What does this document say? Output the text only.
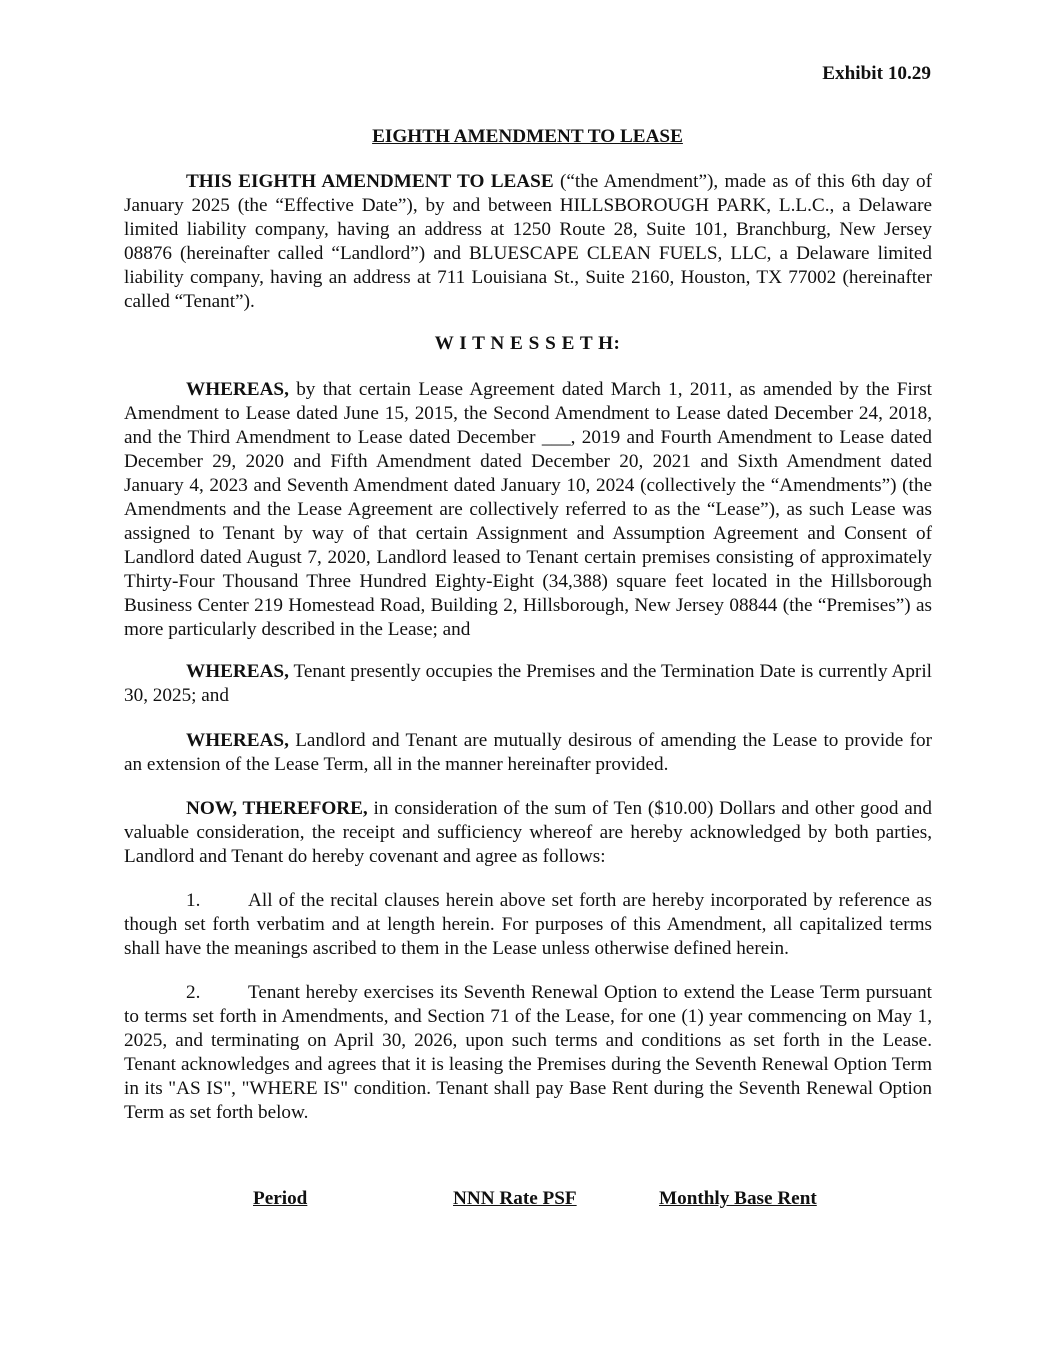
Exhibit 10.29
EIGHTH AMENDMENT TO LEASE

THIS EIGHTH AMENDMENT TO LEASE (“the Amendment”), made as of this 6th day of January 2025 (the “Effective Date”), by and between HILLSBOROUGH PARK, L.L.C., a Delaware limited liability company, having an address at 1250 Route 28, Suite 101, Branchburg, New Jersey 08876 (hereinafter called “Landlord”) and BLUESCAPE CLEAN FUELS, LLC, a Delaware limited liability company, having an address at 711 Louisiana St., Suite 2160, Houston, TX 77002 (hereinafter called “Tenant”).

W I T N E S S E T H:

WHEREAS, by that certain Lease Agreement dated March 1, 2011, as amended by the First Amendment to Lease dated June 15, 2015, the Second Amendment to Lease dated December 24, 2018, and the Third Amendment to Lease dated December ___, 2019 and Fourth Amendment to Lease dated December 29, 2020 and Fifth Amendment dated December 20, 2021 and Sixth Amendment dated January 4, 2023 and Seventh Amendment dated January 10, 2024 (collectively the “Amendments”) (the Amendments and the Lease Agreement are collectively referred to as the “Lease”), as such Lease was assigned to Tenant by way of that certain Assignment and Assumption Agreement and Consent of Landlord dated August 7, 2020, Landlord leased to Tenant certain premises consisting of approximately Thirty-Four Thousand Three Hundred Eighty-Eight (34,388) square feet located in the Hillsborough Business Center 219 Homestead Road, Building 2, Hillsborough, New Jersey 08844 (the “Premises”) as more particularly described in the Lease; and

WHEREAS, Tenant presently occupies the Premises and the Termination Date is currently April 30, 2025; and

WHEREAS, Landlord and Tenant are mutually desirous of amending the Lease to provide for an extension of the Lease Term, all in the manner hereinafter provided.

NOW, THEREFORE, in consideration of the sum of Ten ($10.00) Dollars and other good and valuable consideration, the receipt and sufficiency whereof are hereby acknowledged by both parties, Landlord and Tenant do hereby covenant and agree as follows:

1. All of the recital clauses herein above set forth are hereby incorporated by reference as though set forth verbatim and at length herein. For purposes of this Amendment, all capitalized terms shall have the meanings ascribed to them in the Lease unless otherwise defined herein.

2. Tenant hereby exercises its Seventh Renewal Option to extend the Lease Term pursuant to terms set forth in Amendments, and Section 71 of the Lease, for one (1) year commencing on May 1, 2025, and terminating on April 30, 2026, upon such terms and conditions as set forth in the Lease. Tenant acknowledges and agrees that it is leasing the Premises during the Seventh Renewal Option Term in its "AS IS", "WHERE IS" condition. Tenant shall pay Base Rent during the Seventh Renewal Option Term as set forth below.

Period	NNN Rate PSF	Monthly Base Rent
